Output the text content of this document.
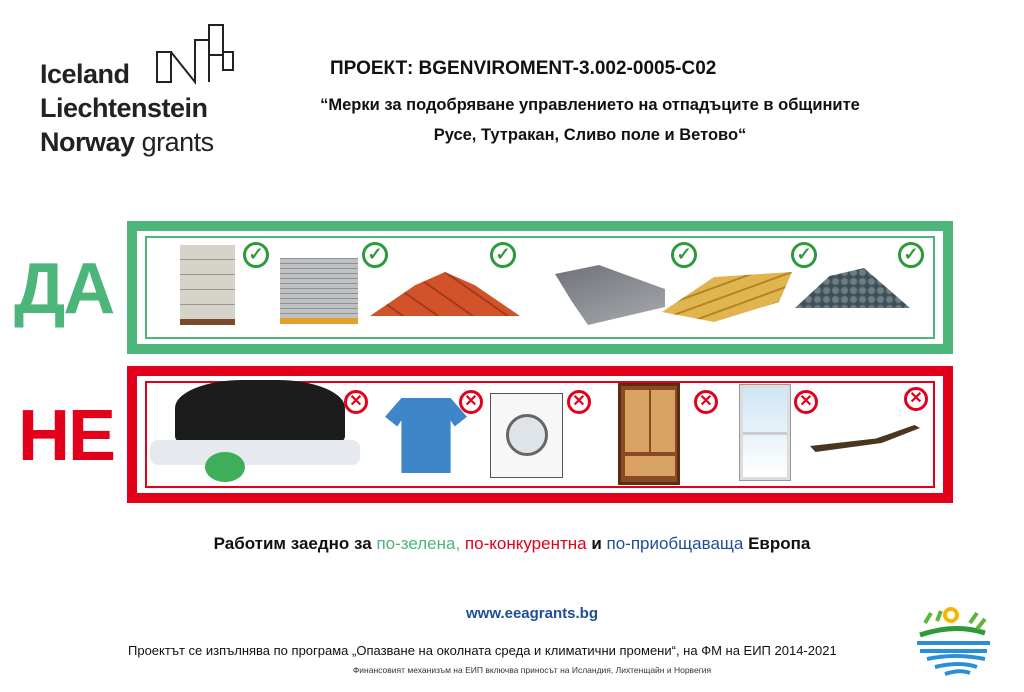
Iceland
Liechtenstein
Norway grants
ПРОЕКТ: BGENVIROMENT-3.002-0005-C02
“Мерки за подобряване управлението на отпадъците в общините
Русе, Тутракан, Сливо поле и Ветово“
ДА
НЕ
✓	✓	✓	✓	✓	✓
✕	✕	✕	✕	✕	✕
Работим заедно за по-зелена, по-конкурентна и по-приобщаваща Европа
www.eeagrants.bg
Проектът се изпълнява по програма „Опазване на околната среда и климатични промени“, на ФМ на ЕИП 2014-2021
Финансовият механизъм на ЕИП включва приносът на Исландия, Лихтенщайн и Норвегия
